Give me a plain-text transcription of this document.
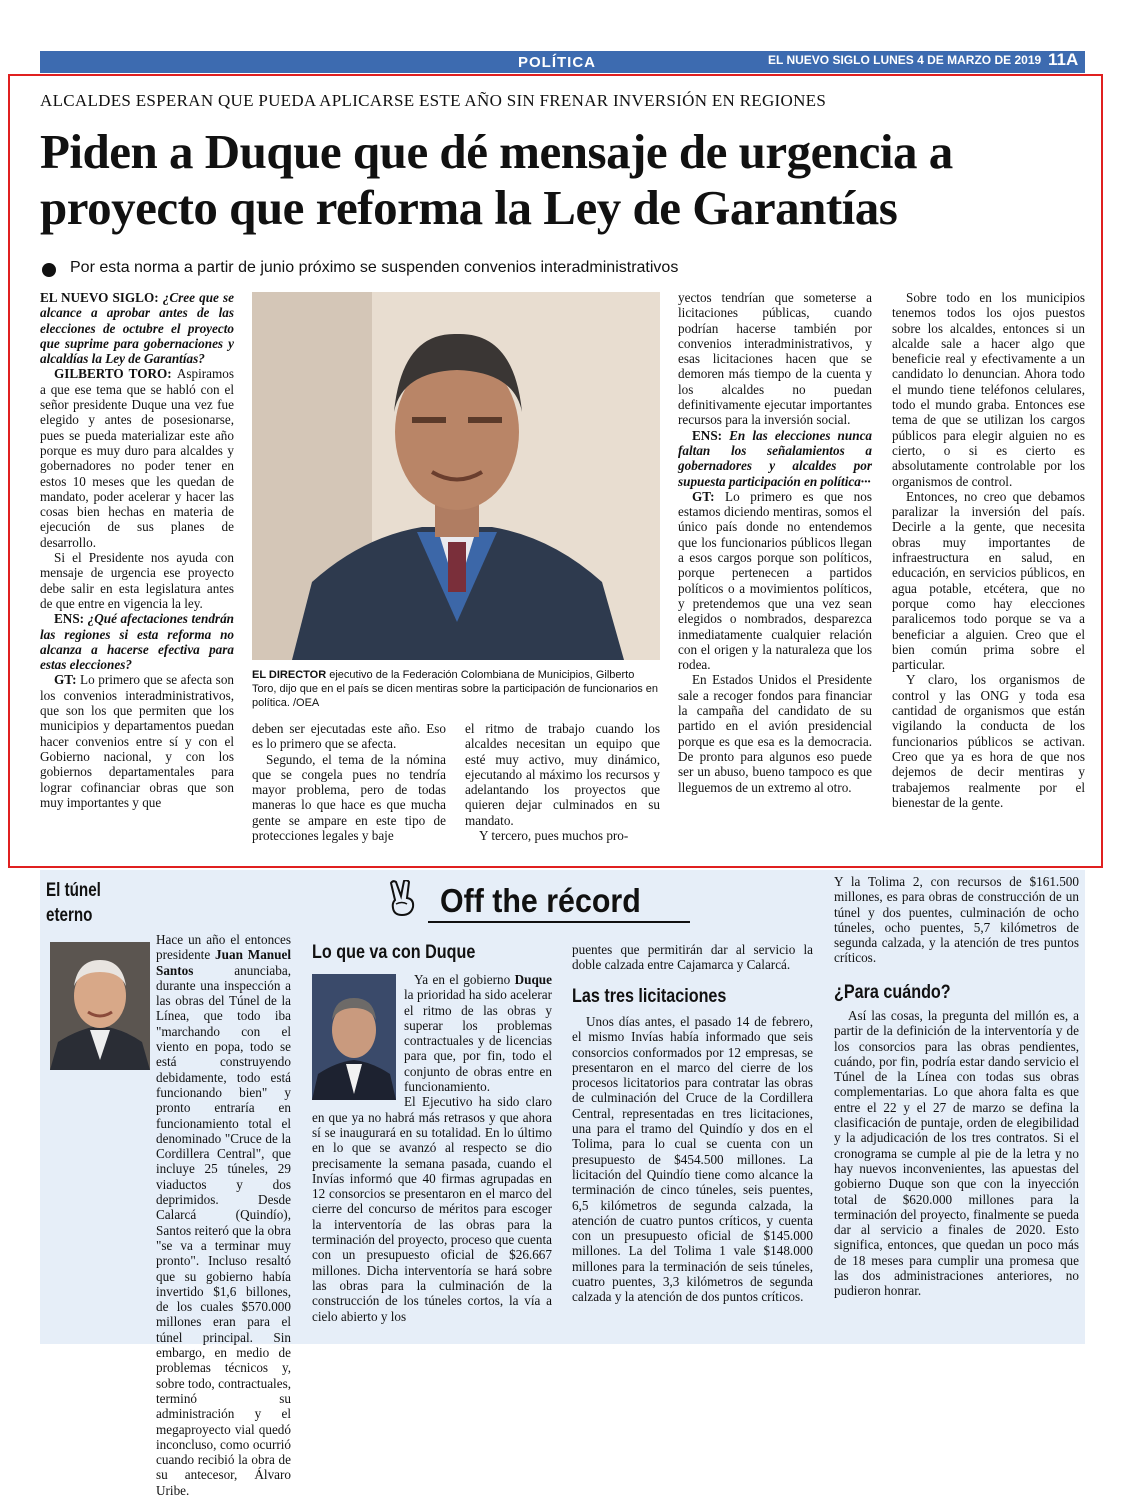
POLÍTICA	EL NUEVO SIGLO LUNES 4 DE MARZO DE 2019 11A
ALCALDES ESPERAN QUE PUEDA APLICARSE ESTE AÑO SIN FRENAR INVERSIÓN EN REGIONES
Piden a Duque que dé mensaje de urgencia a proyecto que reforma la Ley de Garantías
Por esta norma a partir de junio próximo se suspenden convenios interadministrativos

EL NUEVO SIGLO: ¿Cree que se alcance a aprobar antes de las elecciones de octubre el proyecto que suprime para gobernaciones y alcaldías la Ley de Garantías?

GILBERTO TORO: Aspiramos a que ese tema que se habló con el señor presidente Duque una vez fue elegido y antes de posesionarse, pues se pueda materializar este año porque es muy duro para alcaldes y gobernadores no poder tener en estos 10 meses que les quedan de mandato, poder acelerar y hacer las cosas bien hechas en materia de ejecución de sus planes de desarrollo.

Si el Presidente nos ayuda con mensaje de urgencia ese proyecto debe salir en esta legislatura antes de que entre en vigencia la ley.

ENS: ¿Qué afectaciones tendrán las regiones si esta reforma no alcanza a hacerse efectiva para estas elecciones?

GT: Lo primero que se afecta son los convenios interadministrativos, que son los que permiten que los municipios y departamentos puedan hacer convenios entre sí y con el Gobierno nacional, y con los gobiernos departamentales para lograr cofinanciar obras que son muy importantes y que

EL DIRECTOR ejecutivo de la Federación Colombiana de Municipios, Gilberto Toro, dijo que en el país se dicen mentiras sobre la participación de funcionarios en política. /OEA

deben ser ejecutadas este año. Eso es lo primero que se afecta.

Segundo, el tema de la nómina que se congela pues no tendría mayor problema, pero de todas maneras lo que hace es que mucha gente se ampare en este tipo de protecciones legales y baje

el ritmo de trabajo cuando los alcaldes necesitan un equipo que esté muy activo, muy dinámico, ejecutando al máximo los recursos y adelantando los proyectos que quieren dejar culminados en su mandato.

Y tercero, pues muchos pro-

yectos tendrían que someterse a licitaciones públicas, cuando podrían hacerse también por convenios interadministrativos, y esas licitaciones hacen que se demoren más tiempo de la cuenta y los alcaldes no puedan definitivamente ejecutar importantes recursos para la inversión social.

ENS: En las elecciones nunca faltan los señalamientos a gobernadores y alcaldes por supuesta participación en política···

GT: Lo primero es que nos estamos diciendo mentiras, somos el único país donde no entendemos que los funcionarios públicos llegan a esos cargos porque son políticos, porque pertenecen a partidos políticos o a movimientos políticos, y pretendemos que una vez sean elegidos o nombrados, desparezca inmediatamente cualquier relación con el origen y la naturaleza que los rodea.

En Estados Unidos el Presidente sale a recoger fondos para financiar la campaña del candidato de su partido en el avión presidencial porque es que esa es la democracia. De pronto para algunos eso puede ser un abuso, bueno tampoco es que lleguemos de un extremo al otro.

Sobre todo en los municipios tenemos todos los ojos puestos sobre los alcaldes, entonces si un alcalde sale a hacer algo que beneficie real y efectivamente a un candidato lo denuncian. Ahora todo el mundo tiene teléfonos celulares, todo el mundo graba. Entonces ese tema de que se utilizan los cargos públicos para elegir alguien no es cierto, o si es cierto es absolutamente controlable por los organismos de control.

Entonces, no creo que debamos paralizar la inversión del país. Decirle a la gente, que necesita obras muy importantes de infraestructura en salud, en educación, en servicios públicos, en agua potable, etcétera, que no porque como hay elecciones paralicemos todo porque se va a beneficiar a alguien. Creo que el bien común prima sobre el particular.

Y claro, los organismos de control y las ONG y toda esa cantidad de organismos que están vigilando la conducta de los funcionarios públicos se activan. Creo que ya es hora de que nos dejemos de decir mentiras y trabajemos realmente por el bienestar de la gente.

Off the récord
El túnel eterno

Hace un año el entonces presidente Juan Manuel Santos anunciaba, durante una inspección a las obras del Túnel de la Línea, que todo iba "marchando con el viento en popa, todo se está construyendo debidamente, todo está funcionando bien" y pronto entraría en funcionamiento total el denominado "Cruce de la Cordillera Central", que incluye 25 túneles, 29 viaductos y dos deprimidos. Desde Calarcá (Quindío), Santos reiteró que la obra "se va a terminar muy pronto". Incluso resaltó que su gobierno había invertido $1,6 billones, de los cuales $570.000 millones eran para el túnel principal. Sin embargo, en medio de problemas técnicos y, sobre todo, contractuales, terminó su administración y el megaproyecto vial quedó inconcluso, como ocurrió cuando recibió la obra de su antecesor, Álvaro Uribe.

Lo que va con Duque

Ya en el gobierno Duque la prioridad ha sido acelerar el ritmo de las obras y superar los problemas contractuales y de licencias para que, por fin, todo el conjunto de obras entre en funcionamiento.

El Ejecutivo ha sido claro en que ya no habrá más retrasos y que ahora sí se inaugurará en su totalidad. En lo último en lo que se avanzó al respecto se dio precisamente la semana pasada, cuando el Invías informó que 40 firmas agrupadas en 12 consorcios se presentaron en el marco del cierre del concurso de méritos para escoger la interventoría de las obras para la terminación del proyecto, proceso que cuenta con un presupuesto oficial de $26.667 millones. Dicha interventoría se hará sobre las obras para la culminación de la construcción de los túneles cortos, la vía a cielo abierto y los

puentes que permitirán dar al servicio la doble calzada entre Cajamarca y Calarcá.

Las tres licitaciones

Unos días antes, el pasado 14 de febrero, el mismo Invías había informado que seis consorcios conformados por 12 empresas, se presentaron en el marco del cierre de los procesos licitatorios para contratar las obras de culminación del Cruce de la Cordillera Central, representadas en tres licitaciones, una para el tramo del Quindío y dos en el Tolima, para lo cual se cuenta con un presupuesto de $454.500 millones. La licitación del Quindío tiene como alcance la terminación de cinco túneles, seis puentes, 6,5 kilómetros de segunda calzada, la atención de cuatro puntos críticos, y cuenta con un presupuesto oficial de $145.000 millones. La del Tolima 1 vale $148.000 millones para la terminación de seis túneles, cuatro puentes, 3,3 kilómetros de segunda calzada y la atención de dos puntos críticos.

Y la Tolima 2, con recursos de $161.500 millones, es para obras de construcción de un túnel y dos puentes, culminación de ocho túneles, ocho puentes, 5,7 kilómetros de segunda calzada, y la atención de tres puntos críticos.

¿Para cuándo?

Así las cosas, la pregunta del millón es, a partir de la definición de la interventoría y de los consorcios para las obras pendientes, cuándo, por fin, podría estar dando servicio el Túnel de la Línea con todas sus obras complementarias. Lo que ahora falta es que entre el 22 y el 27 de marzo se defina la clasificación de puntaje, orden de elegibilidad y la adjudicación de los tres contratos. Si el cronograma se cumple al pie de la letra y no hay nuevos inconvenientes, las apuestas del gobierno Duque son que con la inyección total de $620.000 millones para la terminación del proyecto, finalmente se pueda dar al servicio a finales de 2020. Esto significa, entonces, que quedan un poco más de 18 meses para cumplir una promesa que las dos administraciones anteriores, no pudieron honrar.
